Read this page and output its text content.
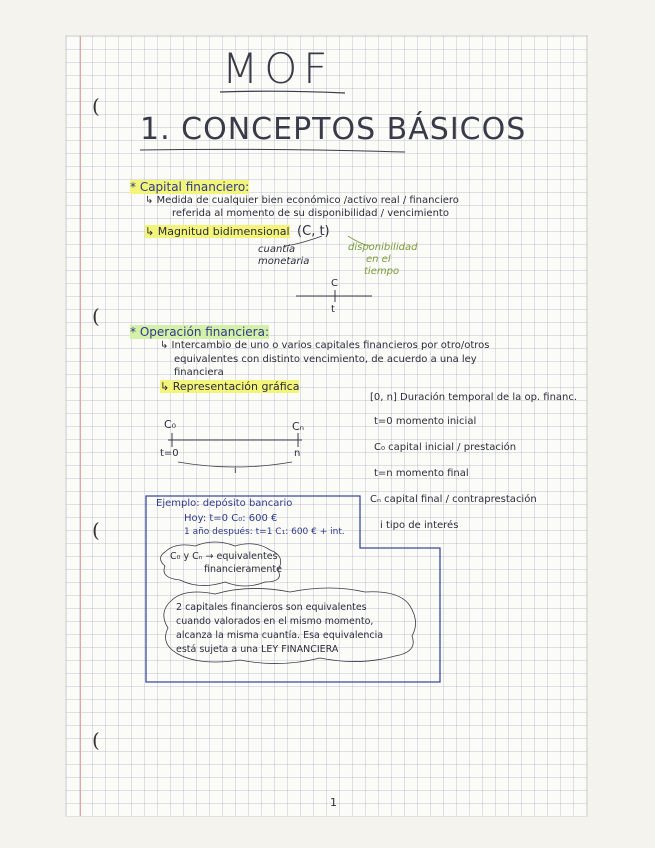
(
(
(
(
MOF
1. CONCEPTOS BÁSICOS
* Capital financiero:
↳ Medida de cualquier bien económico /activo real / financiero
referida al momento de su disponibilidad / vencimiento
↳ Magnitud bidimensional (C, t)
cuantía
monetaria
disponibilidad
en el
tiempo
C
t
* Operación financiera:
↳ Intercambio de uno o varios capitales financieros por otro/otros
equivalentes con distinto vencimiento, de acuerdo a una ley
financiera
↳ Representación gráfica
C₀	Cₙ
t=0	n
i
[0, n] Duración temporal de la op. financ.
t=0 momento inicial
C₀ capital inicial / prestación
t=n momento final
Cₙ capital final / contraprestación
i tipo de interés
Ejemplo: depósito bancario
Hoy: t=0 C₀: 600 €
1 año después: t=1 C₁: 600 € + int.
C₀ y Cₙ → equivalentes
financieramente
2 capitales financieros son equivalentes
cuando valorados en el mismo momento,
alcanza la misma cuantía. Esa equivalencia
está sujeta a una LEY FINANCIERA
1
